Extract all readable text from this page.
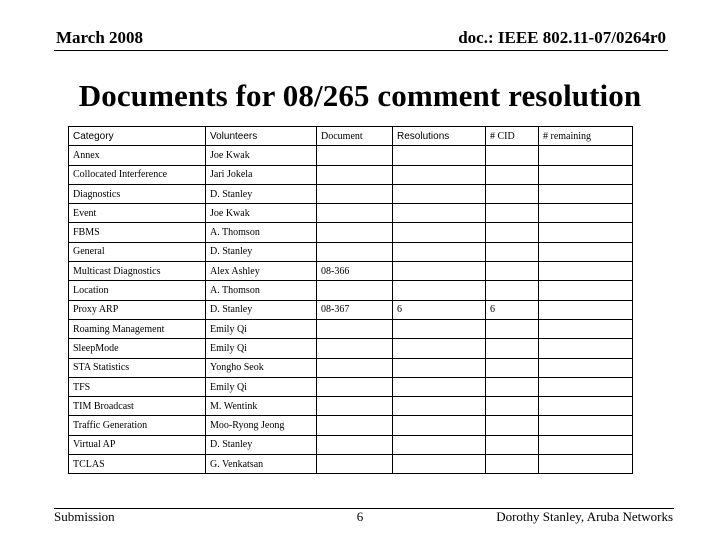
March 2008	doc.: IEEE 802.11-07/0264r0
Documents for 08/265 comment resolution
Category	Volunteers	Document	Resolutions	# CID	# remaining
Annex	Joe Kwak				
Collocated Interference	Jari Jokela				
Diagnostics	D. Stanley				
Event	Joe Kwak				
FBMS	A. Thomson				
General	D. Stanley				
Multicast Diagnostics	Alex Ashley	08-366			
Location	A. Thomson				
Proxy ARP	D. Stanley	08-367	6	6	
Roaming Management	Emily Qi				
SleepMode	Emily Qi				
STA Statistics	Yongho Seok				
TFS	Emily Qi				
TIM Broadcast	M. Wentink				
Traffic Generation	Moo-Ryong Jeong				
Virtual AP	D. Stanley				
TCLAS	G. Venkatsan				
Submission	6	Dorothy Stanley, Aruba Networks
